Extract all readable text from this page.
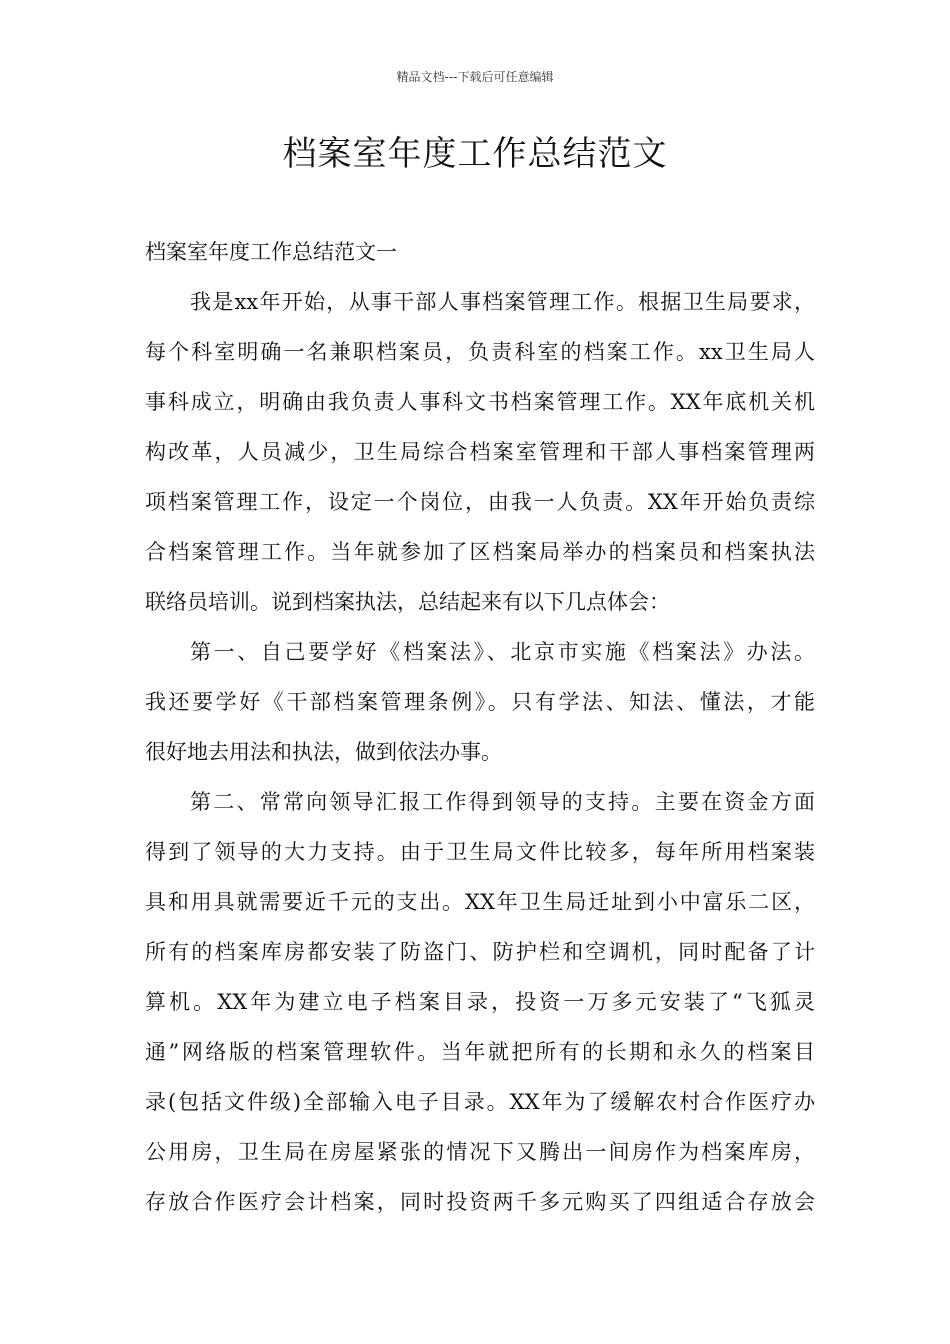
精品文档---下载后可任意编辑
档案室年度工作总结范文
档案室年度工作总结范文一
我是xx年开始，从事干部人事档案管理工作。根据卫生局要求，
每个科室明确一名兼职档案员，负责科室的档案工作。xx卫生局人
事科成立，明确由我负责人事科文书档案管理工作。XX年底机关机
构改革，人员减少，卫生局综合档案室管理和干部人事档案管理两
项档案管理工作，设定一个岗位，由我一人负责。XX年开始负责综
合档案管理工作。当年就参加了区档案局举办的档案员和档案执法
联络员培训。说到档案执法，总结起来有以下几点体会：
第一、自己要学好《档案法》、北京市实施《档案法》办法。
我还要学好《干部档案管理条例》。只有学法、知法、懂法，才能
很好地去用法和执法，做到依法办事。
第二、常常向领导汇报工作得到领导的支持。主要在资金方面
得到了领导的大力支持。由于卫生局文件比较多，每年所用档案装
具和用具就需要近千元的支出。XX年卫生局迁址到小中富乐二区，
所有的档案库房都安装了防盗门、防护栏和空调机，同时配备了计
算机。XX年为建立电子档案目录，投资一万多元安装了“飞狐灵
通”网络版的档案管理软件。当年就把所有的长期和永久的档案目
录(包括文件级)全部输入电子目录。XX年为了缓解农村合作医疗办
公用房，卫生局在房屋紧张的情况下又腾出一间房作为档案库房，
存放合作医疗会计档案，同时投资两千多元购买了四组适合存放会
